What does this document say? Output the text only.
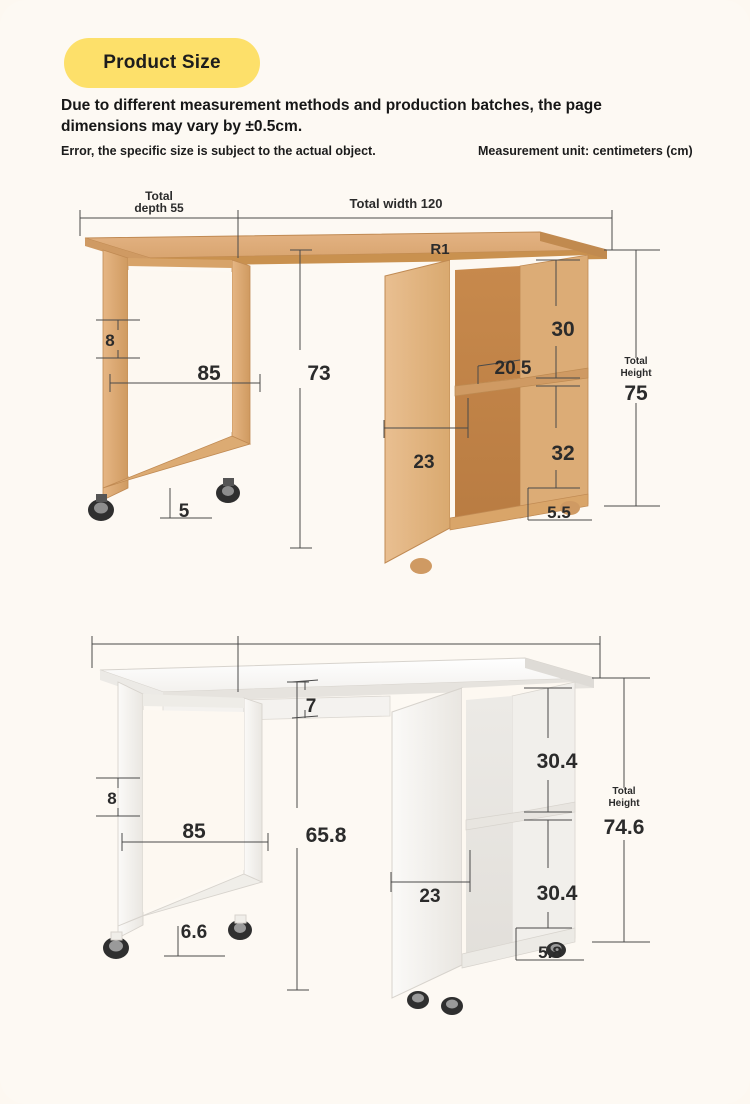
Product Size
Due to different measurement methods and production batches, the page dimensions may vary by ±0.5cm.
Error, the specific size is subject to the actual object.	Measurement unit: centimeters (cm)
Total
depth 55	Total width 120
R1
8
85	73
5
30
20.5
23	32
5.5
Total
Height
75
7
8
85	65.8
6.6
30.4
23	30.4
5.8
Total
Height
74.6
